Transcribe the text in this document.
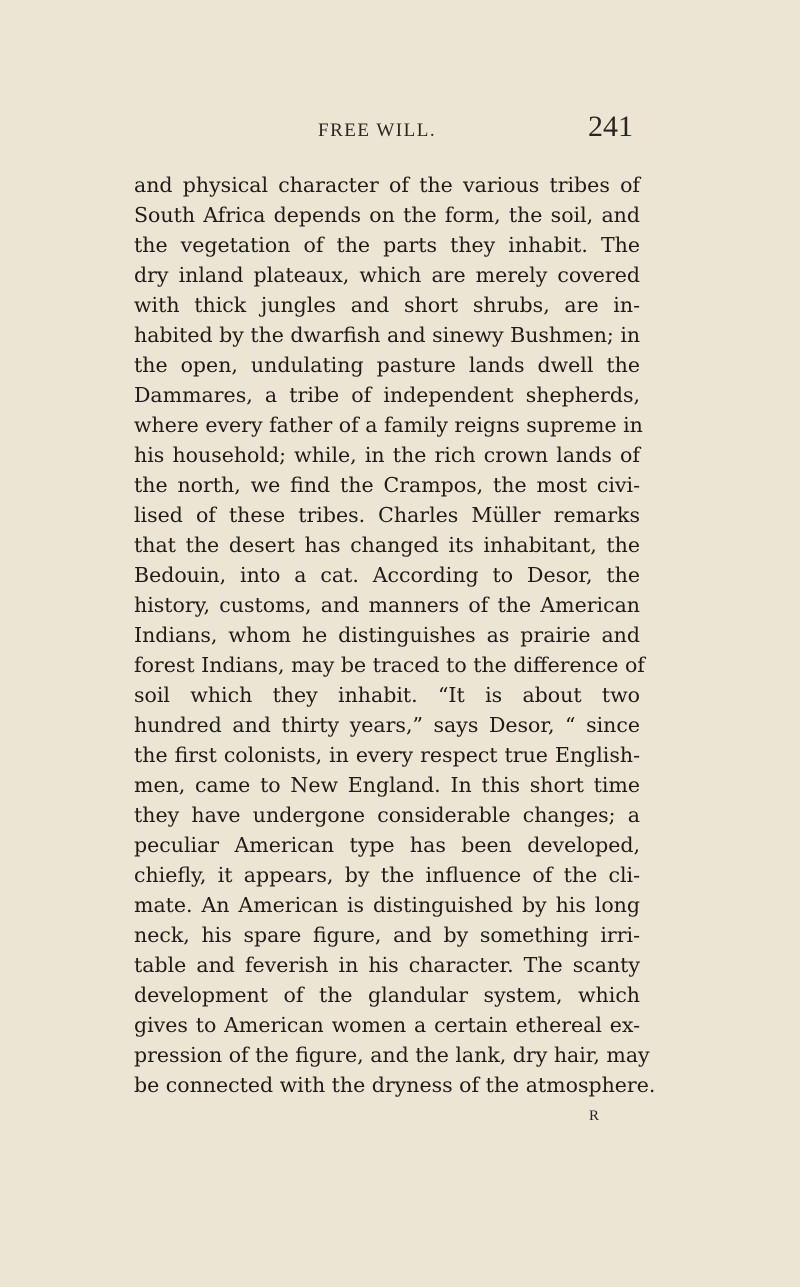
FREE WILL.	241
and physical character of the various tribes of
South Africa depends on the form, the soil, and
the vegetation of the parts they inhabit. The
dry inland plateaux, which are merely covered
with thick jungles and short shrubs, are in-
habited by the dwarfish and sinewy Bushmen; in
the open, undulating pasture lands dwell the
Dammares, a tribe of independent shepherds,
where every father of a family reigns supreme in
his household; while, in the rich crown lands of
the north, we find the Crampos, the most civi-
lised of these tribes. Charles Müller remarks
that the desert has changed its inhabitant, the
Bedouin, into a cat. According to Desor, the
history, customs, and manners of the American
Indians, whom he distinguishes as prairie and
forest Indians, may be traced to the difference of
soil which they inhabit. “It is about two
hundred and thirty years,” says Desor, “ since
the first colonists, in every respect true English-
men, came to New England. In this short time
they have undergone considerable changes; a
peculiar American type has been developed,
chiefly, it appears, by the influence of the cli-
mate. An American is distinguished by his long
neck, his spare figure, and by something irri-
table and feverish in his character. The scanty
development of the glandular system, which
gives to American women a certain ethereal ex-
pression of the figure, and the lank, dry hair, may
be connected with the dryness of the atmosphere.
R
